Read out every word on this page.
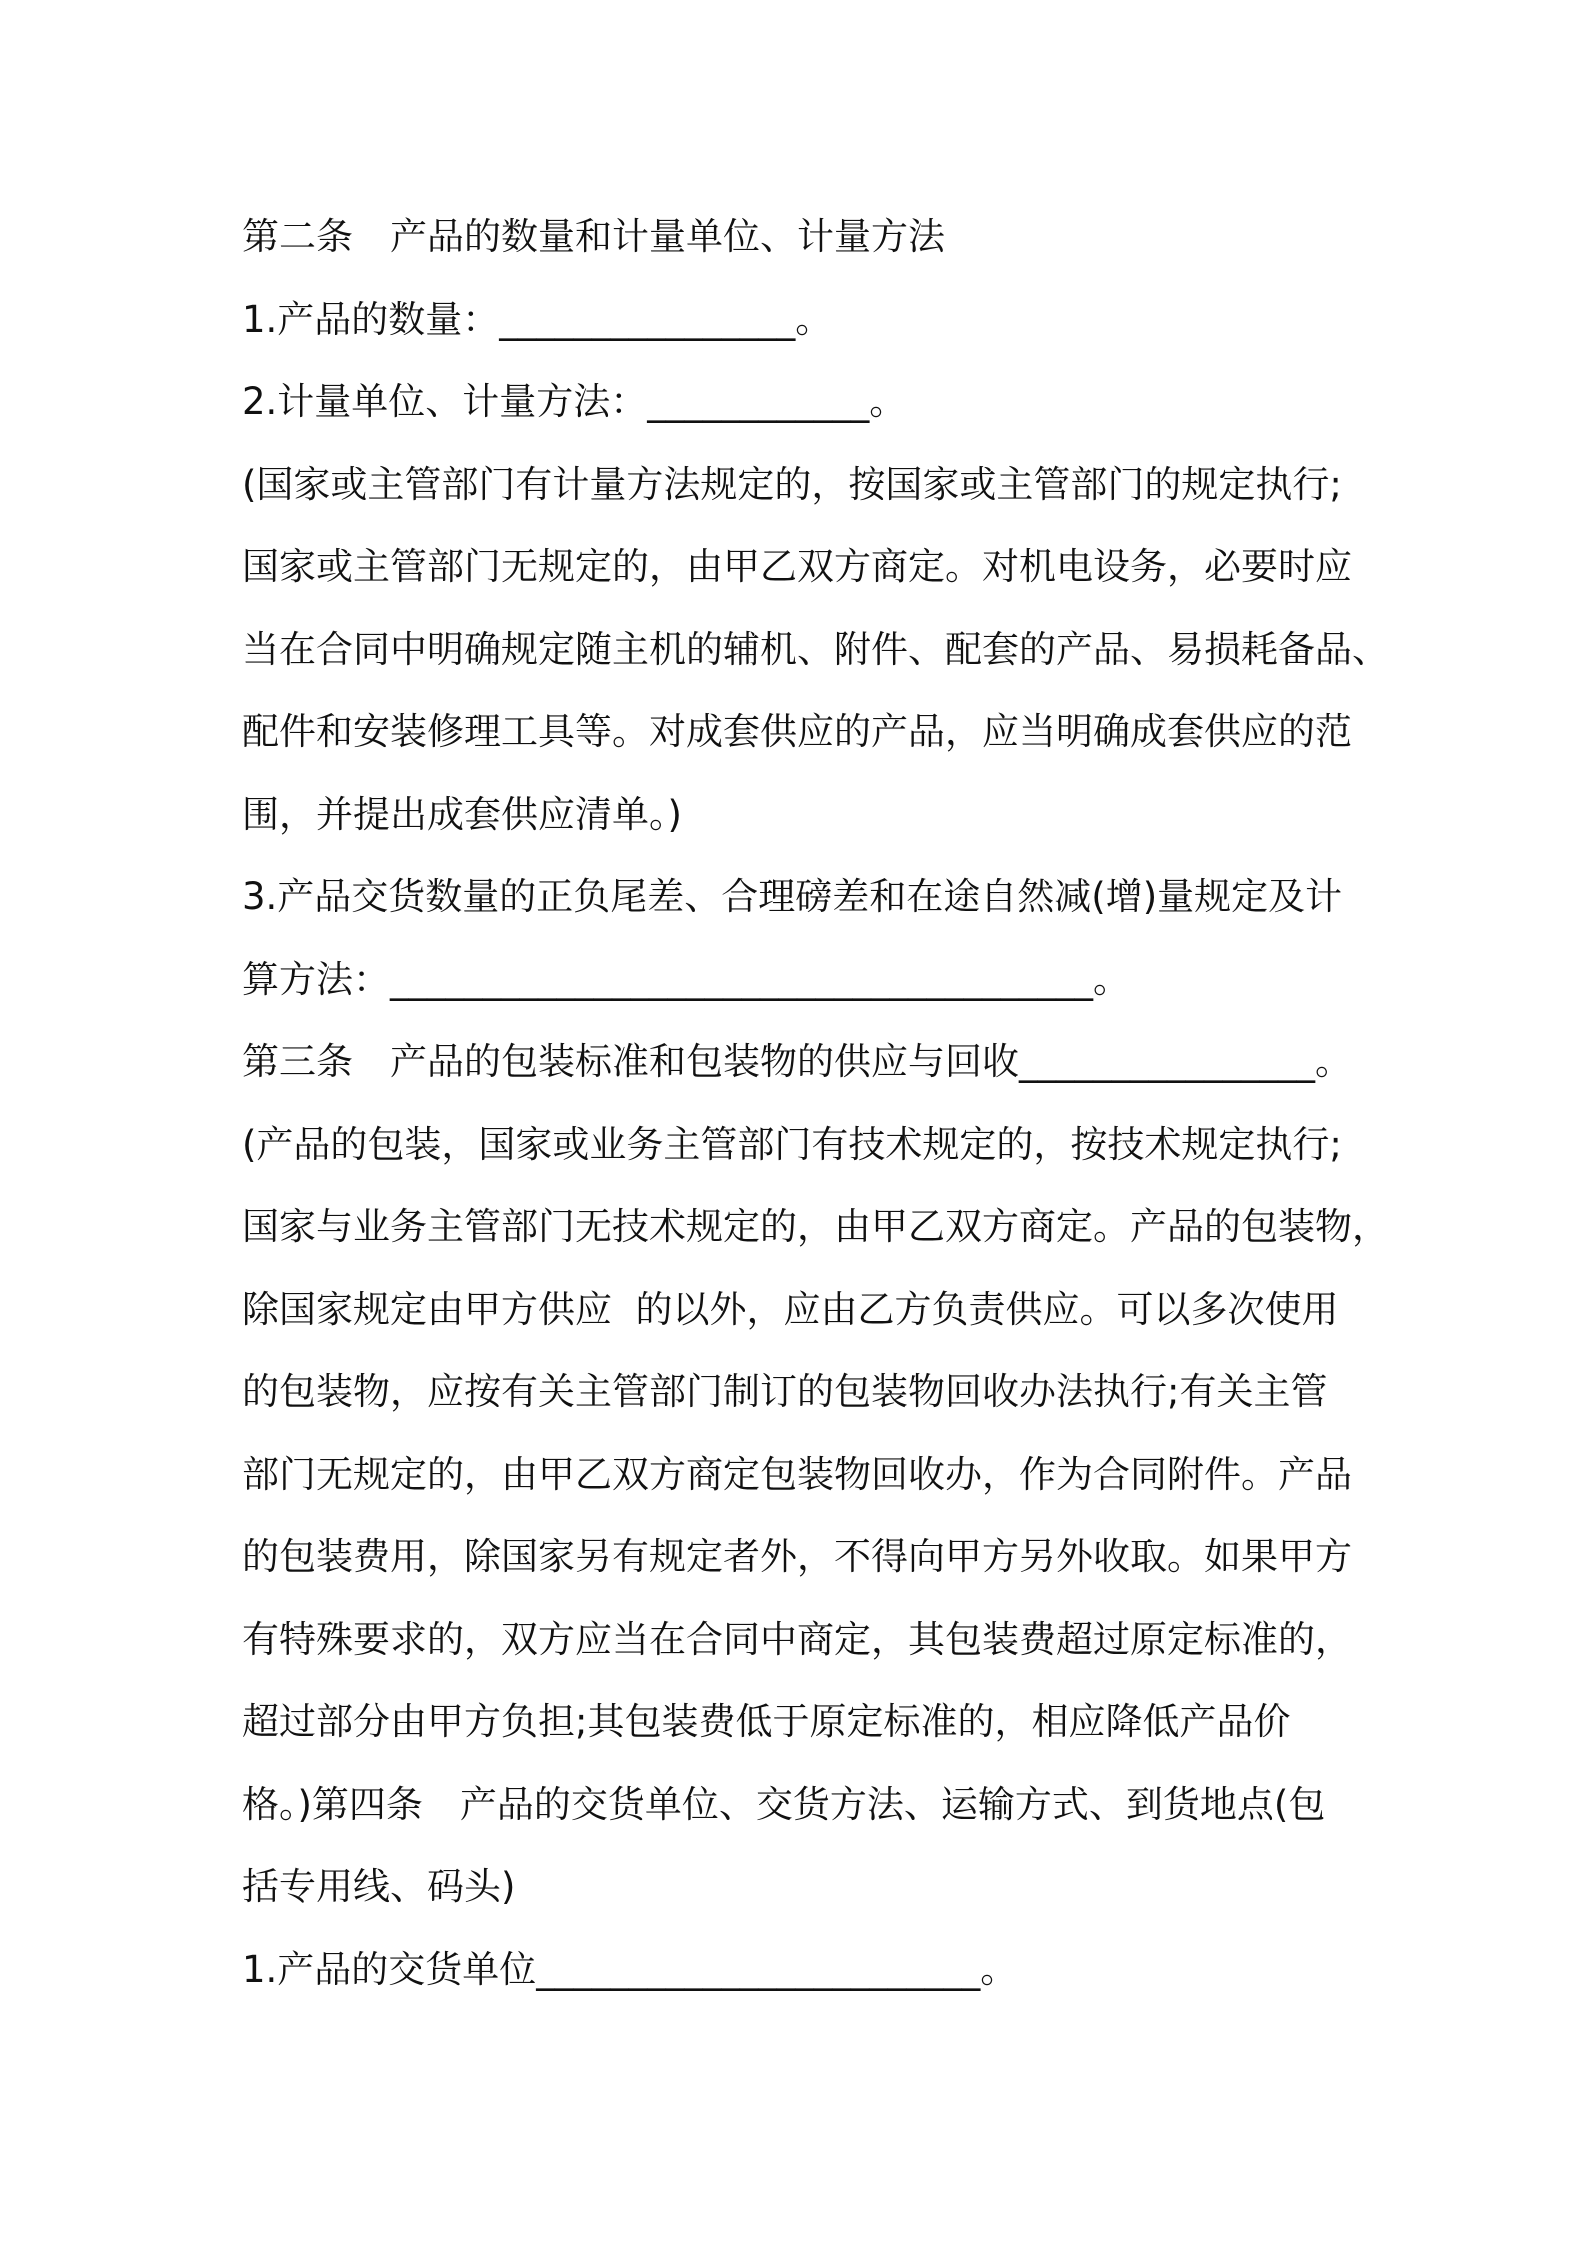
第二条　产品的数量和计量单位、计量方法
1.产品的数量：________________。
2.计量单位、计量方法：____________。
(国家或主管部门有计量方法规定的，按国家或主管部门的规定执行;
国家或主管部门无规定的，由甲乙双方商定。对机电设务，必要时应
当在合同中明确规定随主机的辅机、附件、配套的产品、易损耗备品、
配件和安装修理工具等。对成套供应的产品，应当明确成套供应的范
围，并提出成套供应清单。)
3.产品交货数量的正负尾差、合理磅差和在途自然减(增)量规定及计
算方法：______________________________________。
第三条　产品的包装标准和包装物的供应与回收________________。
(产品的包装，国家或业务主管部门有技术规定的，按技术规定执行;
国家与业务主管部门无技术规定的，由甲乙双方商定。产品的包装物，
除国家规定由甲方供应  的以外，应由乙方负责供应。可以多次使用
的包装物，应按有关主管部门制订的包装物回收办法执行;有关主管
部门无规定的，由甲乙双方商定包装物回收办，作为合同附件。产品
的包装费用，除国家另有规定者外，不得向甲方另外收取。如果甲方
有特殊要求的，双方应当在合同中商定，其包装费超过原定标准的，
超过部分由甲方负担;其包装费低于原定标准的，相应降低产品价
格。)第四条　产品的交货单位、交货方法、运输方式、到货地点(包
括专用线、码头)
1.产品的交货单位________________________。
